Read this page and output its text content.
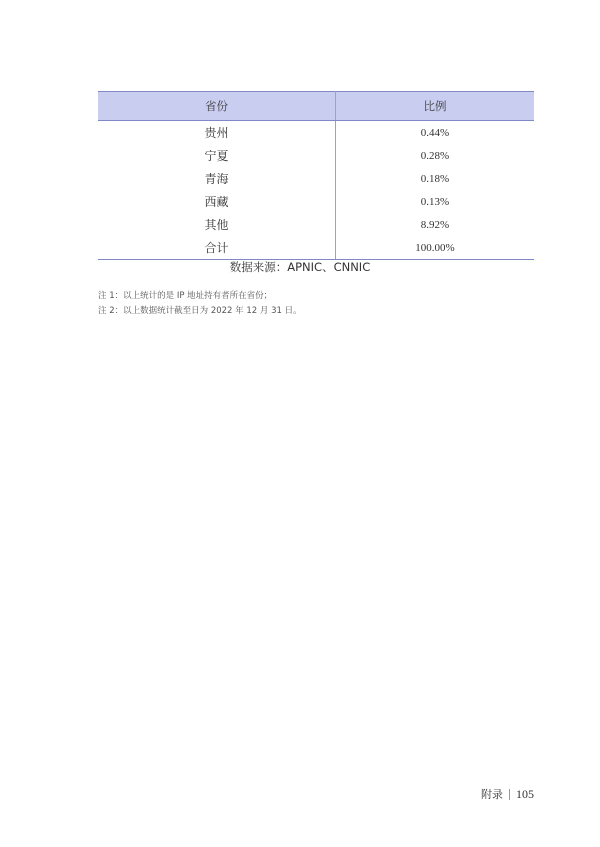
省份	比例
贵州	0.44%
宁夏	0.28%
青海	0.18%
西藏	0.13%
其他	8.92%
合计	100.00%
数据来源：APNIC、CNNIC
注 1：以上统计的是 IP 地址持有者所在省份；
注 2：以上数据统计截至日为 2022 年 12 月 31 日。
附录 105
